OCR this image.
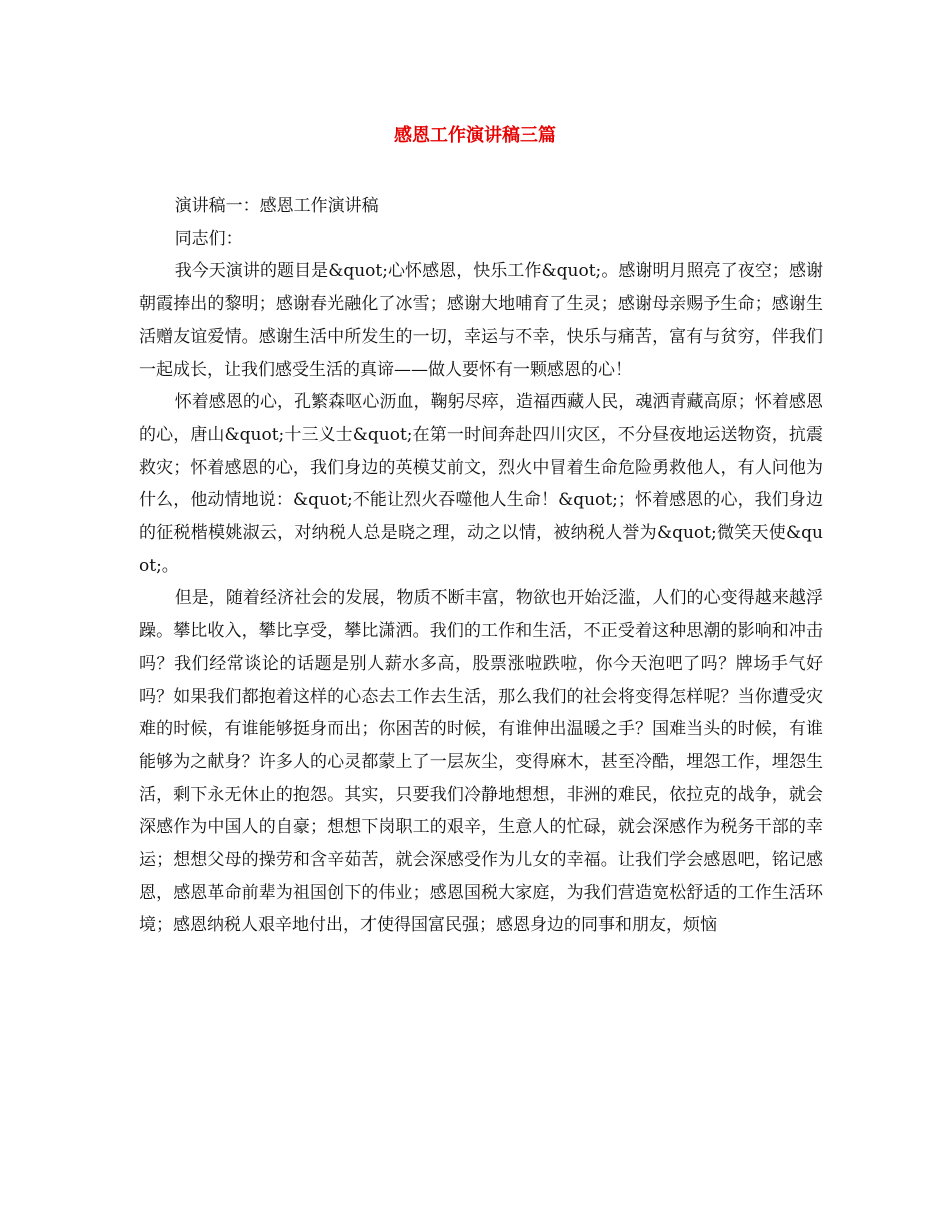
感恩工作演讲稿三篇

演讲稿一：感恩工作演讲稿

同志们：

我今天演讲的题目是&quot;心怀感恩，快乐工作&quot;。感谢明月照亮了夜空；感谢朝霞捧出的黎明；感谢春光融化了冰雪；感谢大地哺育了生灵；感谢母亲赐予生命；感谢生活赠友谊爱情。感谢生活中所发生的一切，幸运与不幸，快乐与痛苦，富有与贫穷，伴我们一起成长，让我们感受生活的真谛——做人要怀有一颗感恩的心！

怀着感恩的心，孔繁森呕心沥血，鞠躬尽瘁，造福西藏人民，魂洒青藏高原；怀着感恩的心，唐山&quot;十三义士&quot;在第一时间奔赴四川灾区，不分昼夜地运送物资，抗震救灾；怀着感恩的心，我们身边的英模艾前文，烈火中冒着生命危险勇救他人，有人问他为什么，他动情地说：&quot;不能让烈火吞噬他人生命！&quot;；怀着感恩的心，我们身边的征税楷模姚淑云，对纳税人总是晓之理，动之以情，被纳税人誉为&quot;微笑天使&quot;。

但是，随着经济社会的发展，物质不断丰富，物欲也开始泛滥，人们的心变得越来越浮躁。攀比收入，攀比享受，攀比潇洒。我们的工作和生活，不正受着这种思潮的影响和冲击吗？我们经常谈论的话题是别人薪水多高，股票涨啦跌啦，你今天泡吧了吗？牌场手气好吗？如果我们都抱着这样的心态去工作去生活，那么我们的社会将变得怎样呢？当你遭受灾难的时候，有谁能够挺身而出；你困苦的时候，有谁伸出温暖之手？国难当头的时候，有谁能够为之献身？许多人的心灵都蒙上了一层灰尘，变得麻木，甚至冷酷，埋怨工作，埋怨生活，剩下永无休止的抱怨。其实，只要我们冷静地想想，非洲的难民，依拉克的战争，就会深感作为中国人的自豪；想想下岗职工的艰辛，生意人的忙碌，就会深感作为税务干部的幸运；想想父母的操劳和含辛茹苦，就会深感受作为儿女的幸福。让我们学会感恩吧，铭记感恩，感恩革命前辈为祖国创下的伟业；感恩国税大家庭，为我们营造宽松舒适的工作生活环境；感恩纳税人艰辛地付出，才使得国富民强；感恩身边的同事和朋友，烦恼
